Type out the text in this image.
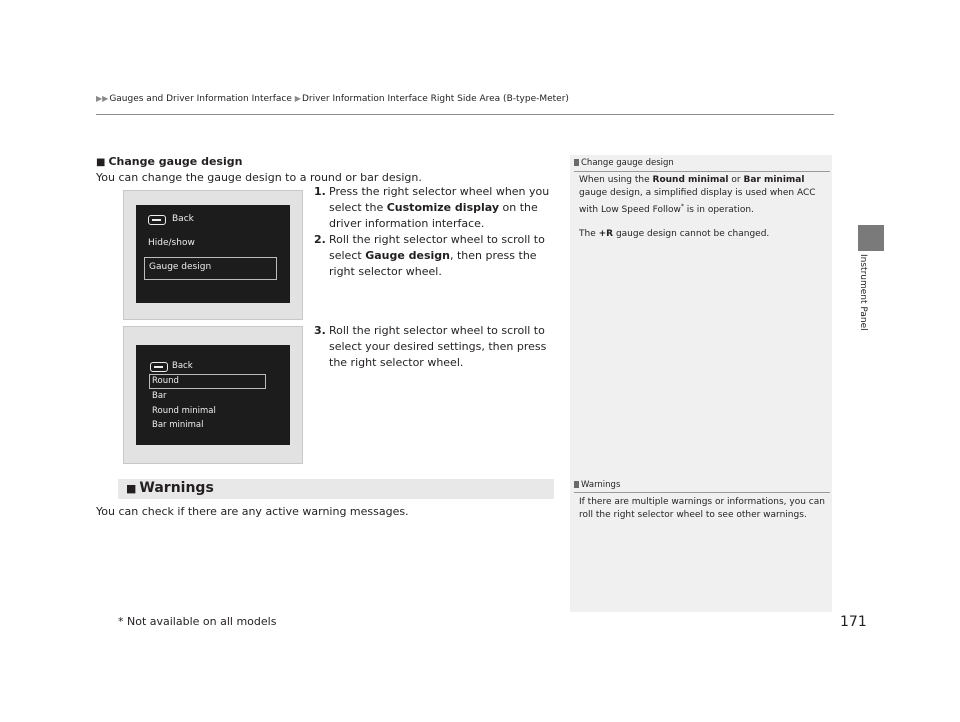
▶▶Gauges and Driver Information Interface ▶Driver Information Interface Right Side Area (B-type-Meter)
Instrument Panel
■ Change gauge design
You can change the gauge design to a round or bar design.
Back
Hide/show
Gauge design
1. Press the right selector wheel when you select the Customize display on the driver information interface.
2. Roll the right selector wheel to scroll to select Gauge design, then press the right selector wheel.
3. Roll the right selector wheel to scroll to select your desired settings, then press the right selector wheel.
Back
Round
Bar
Round minimal
Bar minimal
■ Warnings
You can check if there are any active warning messages.
Change gauge design
When using the Round minimal or Bar minimal gauge design, a simplified display is used when ACC with Low Speed Follow* is in operation.
The +R gauge design cannot be changed.
Warnings
If there are multiple warnings or informations, you can roll the right selector wheel to see other warnings.
* Not available on all models	171
